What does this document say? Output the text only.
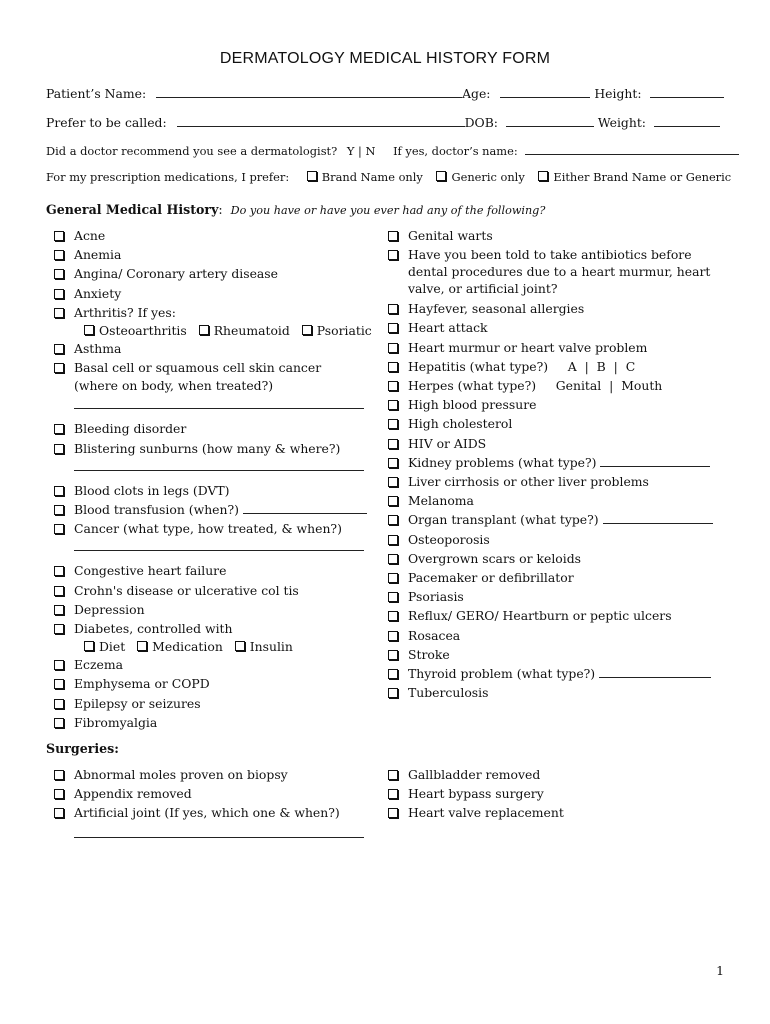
DERMATOLOGY MEDICAL HISTORY FORM
Patient’s Name:	Age:	Height:
Prefer to be called:	DOB:	Weight:
Did a doctor recommend you see a dermatologist? Y | N If yes, doctor’s name:
For my prescription medications, I prefer:	Brand Name only	Generic only	Either Brand Name or Generic
General Medical History: Do you have or have you ever had any of the following?
Acne
Anemia
Angina/ Coronary artery disease
Anxiety
Arthritis? If yes:
Osteoarthritis Rheumatoid Psoriatic
Asthma
Basal cell or squamous cell skin cancer
(where on body, when treated?)
Bleeding disorder
Blistering sunburns (how many & where?)
Blood clots in legs (DVT)
Blood transfusion (when?)
Cancer (what type, how treated, & when?)
Congestive heart failure
Crohn's disease or ulcerative col tis
Depression
Diabetes, controlled with
Diet Medication Insulin
Eczema
Emphysema or COPD
Epilepsy or seizures
Fibromyalgia
Genital warts
Have you been told to take antibiotics before dental procedures due to a heart murmur, heart valve, or artificial joint?
Hayfever, seasonal allergies
Heart attack
Heart murmur or heart valve problem
Hepatitis (what type?)     A  |  B  |  C
Herpes (what type?)     Genital  |  Mouth
High blood pressure
High cholesterol
HIV or AIDS
Kidney problems (what type?)
Liver cirrhosis or other liver problems
Melanoma
Organ transplant (what type?)
Osteoporosis
Overgrown scars or keloids
Pacemaker or defibrillator
Psoriasis
Reflux/ GERO/ Heartburn or peptic ulcers
Rosacea
Stroke
Thyroid problem (what type?)
Tuberculosis
Surgeries:
Abnormal moles proven on biopsy
Appendix removed
Artificial joint (If yes, which one & when?)
Gallbladder removed
Heart bypass surgery
Heart valve replacement
1
